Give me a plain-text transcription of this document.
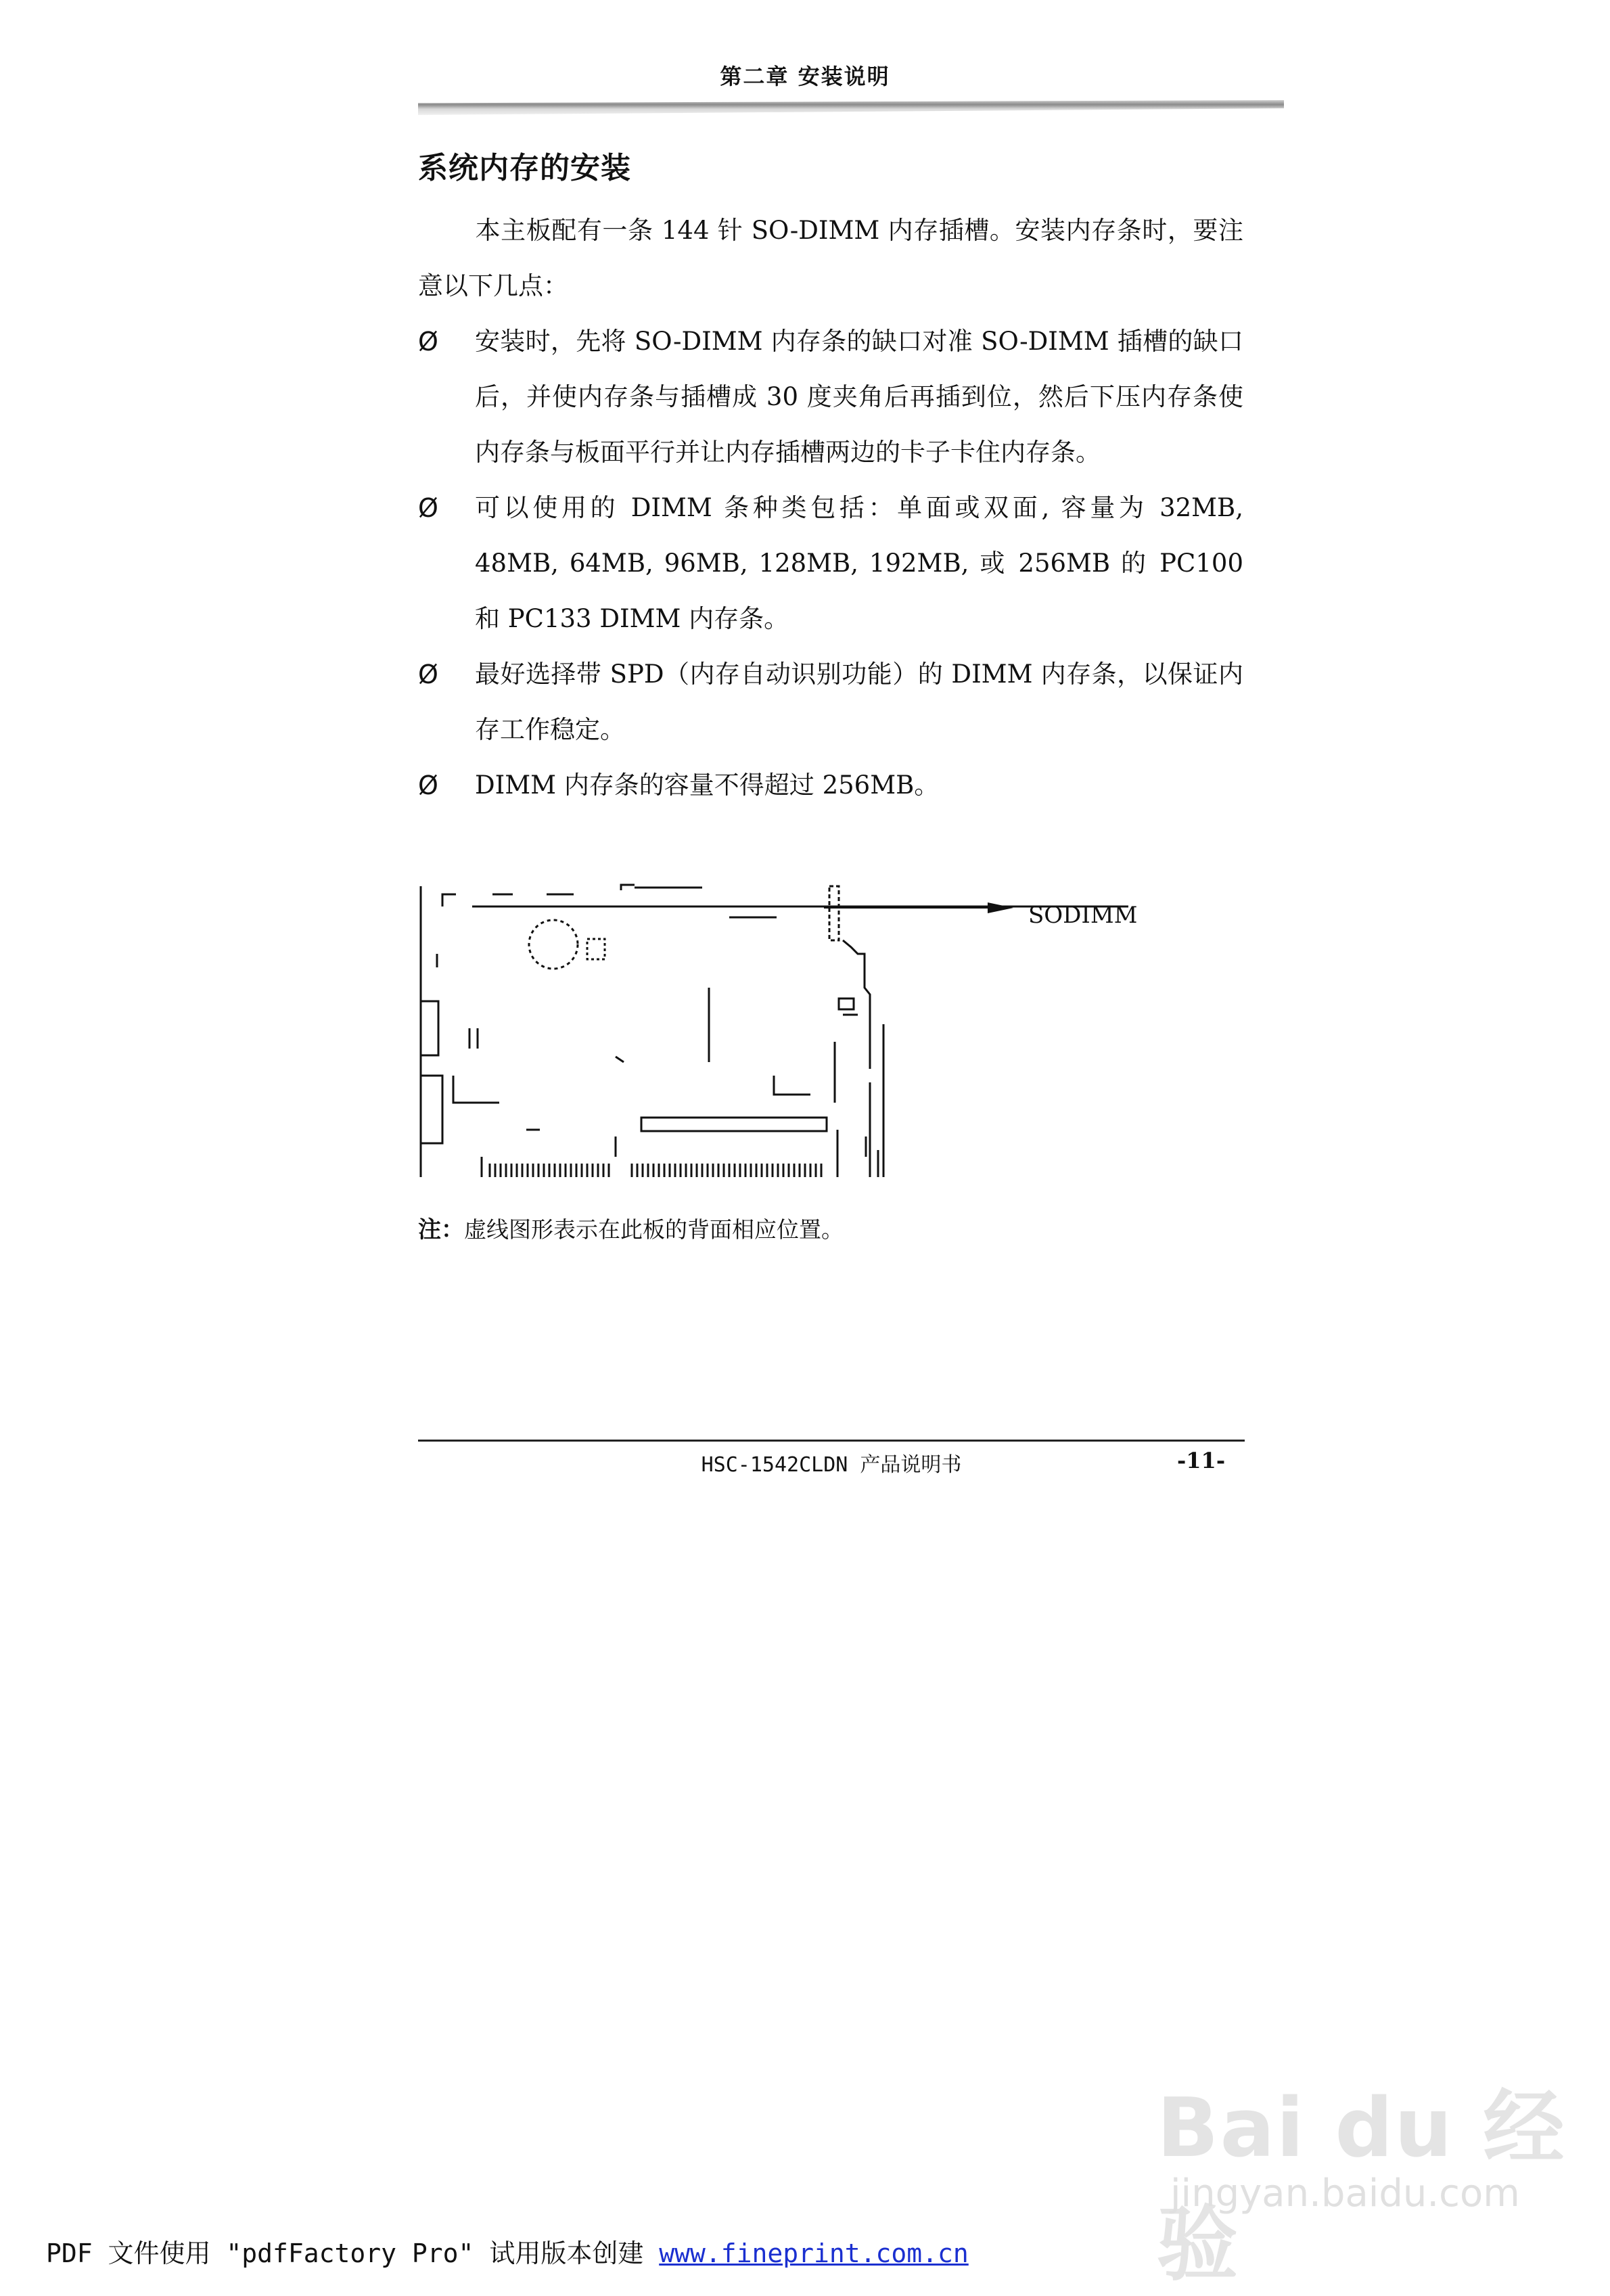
第二章 安装说明
系统内存的安装
本主板配有一条 144 针 SO-DIMM 内存插槽。安装内存条时，要注意以下几点：
Ø 安装时，先将 SO-DIMM 内存条的缺口对准 SO-DIMM 插槽的缺口后，并使内存条与插槽成 30 度夹角后再插到位，然后下压内存条使内存条与板面平行并让内存插槽两边的卡子卡住内存条。
Ø 可以使用的 DIMM 条种类包括：单面或双面, 容量为 32MB, 48MB, 64MB, 96MB, 128MB, 192MB, 或 256MB 的 PC100 和 PC133 DIMM 内存条。
Ø 最好选择带 SPD（内存自动识别功能）的 DIMM 内存条，以保证内存工作稳定。
Ø DIMM 内存条的容量不得超过 256MB。
SODIMM
注：虚线图形表示在此板的背面相应位置。
HSC-1542CLDN 产品说明书	-11-
Bai du 经验
jingyan.baidu.com
PDF 文件使用 "pdfFactory Pro" 试用版本创建 www.fineprint.com.cn
